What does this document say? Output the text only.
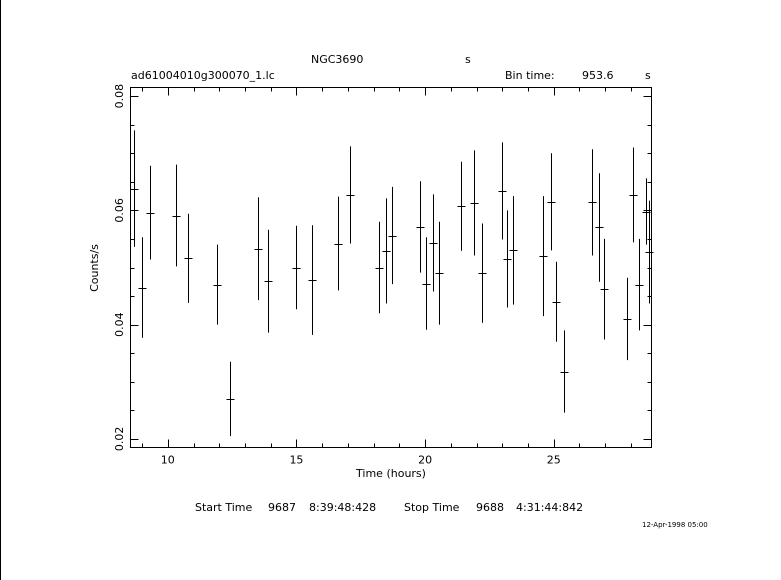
NGC3690	s
ad61004010g300070_1.lc	Bin time: 953.6	s
10	15	20	25
0.02
0.04
0.06
0.08
Time (hours)
Counts/s
Start Time 9687 8:39:48:428	Stop Time 9688 4:31:44:842
12-Apr-1998 05:00
